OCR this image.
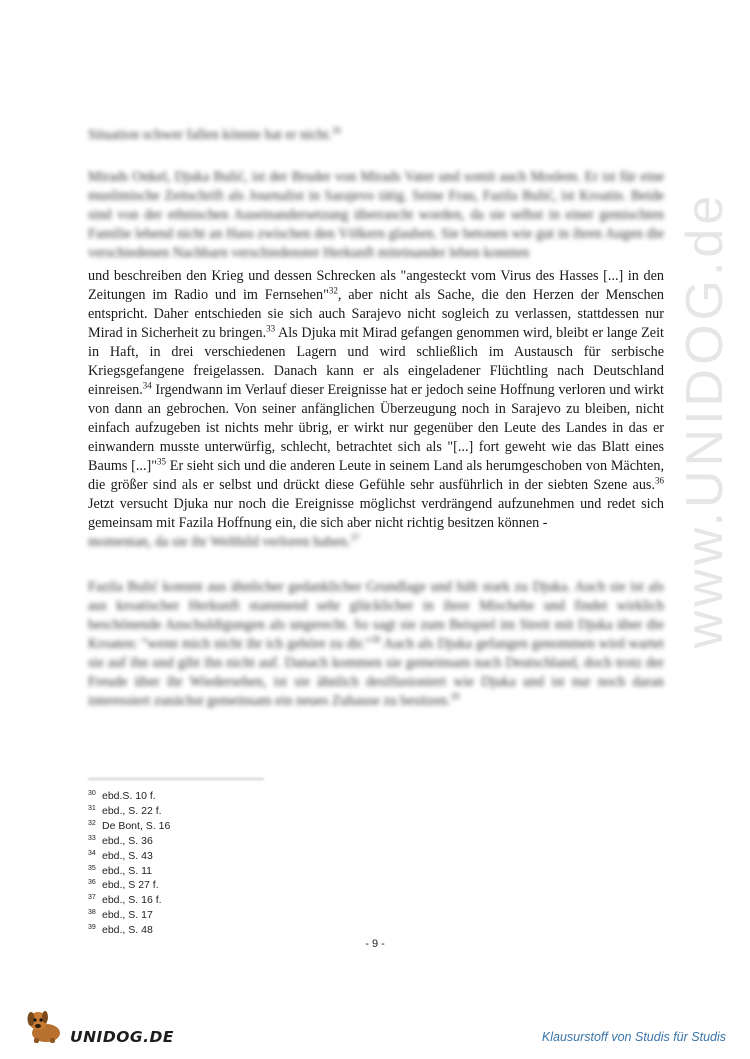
www.UNIDOG.de

Situation schwer fallen könnte hat er nicht.$^{30}$

Mirads Onkel, Djuka Bulić, ist der Bruder von Mirads Vater und somit auch Moslem. Er ist für eine muslimische Zeitschrift als Journalist in Sarajevo tätig. Seine Frau, Fazila Bulić, ist Kroatin. Beide sind von der ethnischen Auseinandersetzung überrascht worden, da sie selbst in einer gemischten Familie lebend nicht an Hass zwischen den Völkern glauben. Sie betonen wie gut in ihren Augen die verschiedenen Nachbarn verschiedenster Herkunft miteinander leben konnten

und beschreiben den Krieg und dessen Schrecken als "angesteckt vom Virus des Hasses [...] in den Zeitungen im Radio und im Fernsehen"$^{32}$, aber nicht als Sache, die den Herzen der Menschen entspricht. Daher entschieden sie sich auch Sarajevo nicht sogleich zu verlassen, stattdessen nur Mirad in Sicherheit zu bringen.$^{33}$ Als Djuka mit Mirad gefangen genommen wird, bleibt er lange Zeit in Haft, in drei verschiedenen Lagern und wird schließlich im Austausch für serbische Kriegsgefangene freigelassen. Danach kann er als eingeladener Flüchtling nach Deutschland einreisen.$^{34}$ Irgendwann im Verlauf dieser Ereignisse hat er jedoch seine Hoffnung verloren und wirkt von dann an gebrochen. Von seiner anfänglichen Überzeugung noch in Sarajevo zu bleiben, nicht einfach aufzugeben ist nichts mehr übrig, er wirkt nur gegenüber den Leute des Landes in das er einwandern musste unterwürfig, schlecht, betrachtet sich als "[...] fort geweht wie das Blatt eines Baums [...]"$^{35}$ Er sieht sich und die anderen Leute in seinem Land als herumgeschoben von Mächten, die größer sind als er selbst und drückt diese Gefühle sehr ausführlich in der siebten Szene aus.$^{36}$ Jetzt versucht Djuka nur noch die Ereignisse möglichst verdrängend aufzunehmen und redet sich gemeinsam mit Fazila Hoffnung ein, die sich aber nicht richtig besitzen können -

momentan, da sie ihr Weltbild verloren haben.$^{37}$

Fazila Bulić kommt aus ähnlicher gedanklicher Grundlage und hält stark zu Djuka. Auch sie ist als aus kroatischer Herkunft stammend sehr glücklicher in ihrer Mischehe und findet wirklich beschönende Anschuldigungen als ungerecht. So sagt sie zum Beispiel im Streit mit Djuka über die Kroaten: "wenn mich nicht ihr ich gehöre zu dir."$^{38}$ Auch als Djuka gefangen genommen wird wartet sie auf ihn und gibt ihn nicht auf. Danach kommen sie gemeinsam nach Deutschland, doch trotz der Freude über ihr Wiedersehen, ist sie ähnlich desillusioniert wie Djuka und ist nur noch daran interessiert zunächst gemeinsam ein neues Zuhause zu besitzen.$^{39}$

30 ebd.S. 10 f.
31 ebd., S. 22 f.
32 De Bont, S. 16
33 ebd., S. 36
34 ebd., S. 43
35 ebd., S. 11
36 ebd., S 27 f.
37 ebd., S. 16 f.
38 ebd., S. 17
39 ebd., S. 48
- 9 -
UNIDOG.DE	Klausurstoff von Studis für Studis
